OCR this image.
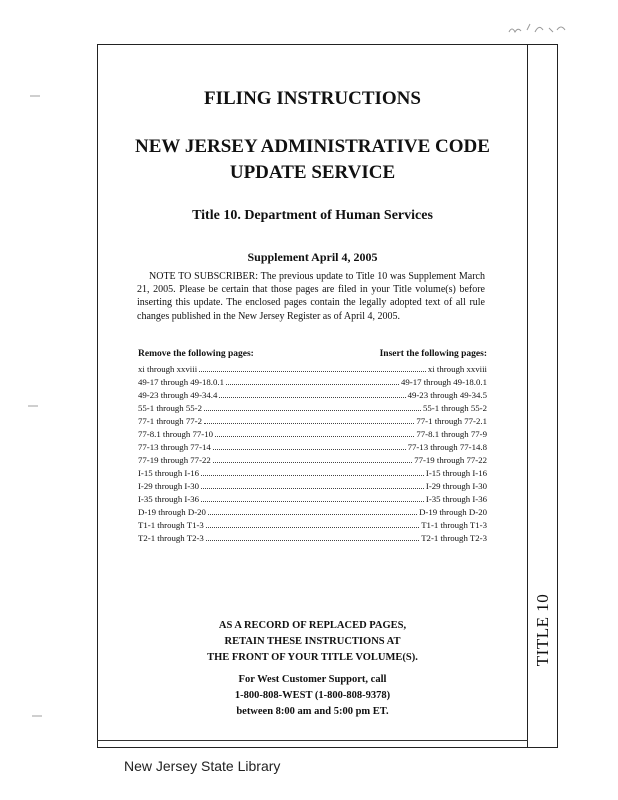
TITLE 10
FILING INSTRUCTIONS
NEW JERSEY ADMINISTRATIVE CODE
UPDATE SERVICE
Title 10. Department of Human Services
Supplement April 4, 2005
NOTE TO SUBSCRIBER: The previous update to Title 10 was Supplement March 21, 2005. Please be certain that those pages are filed in your Title volume(s) before inserting this update. The enclosed pages contain the legally adopted text of all rule changes published in the New Jersey Register as of April 4, 2005.
Remove the following pages:	Insert the following pages:
xi through xxviii	xi through xxviii
49-17 through 49-18.0.1	49-17 through 49-18.0.1
49-23 through 49-34.4	49-23 through 49-34.5
55-1 through 55-2	55-1 through 55-2
77-1 through 77-2	77-1 through 77-2.1
77-8.1 through 77-10	77-8.1 through 77-9
77-13 through 77-14	77-13 through 77-14.8
77-19 through 77-22	77-19 through 77-22
I-15 through I-16	I-15 through I-16
I-29 through I-30	I-29 through I-30
I-35 through I-36	I-35 through I-36
D-19 through D-20	D-19 through D-20
T1-1 through T1-3	T1-1 through T1-3
T2-1 through T2-3	T2-1 through T2-3
AS A RECORD OF REPLACED PAGES,
RETAIN THESE INSTRUCTIONS AT
THE FRONT OF YOUR TITLE VOLUME(S).
For West Customer Support, call
1-800-808-WEST (1-800-808-9378)
between 8:00 am and 5:00 pm ET.
New Jersey State Library
